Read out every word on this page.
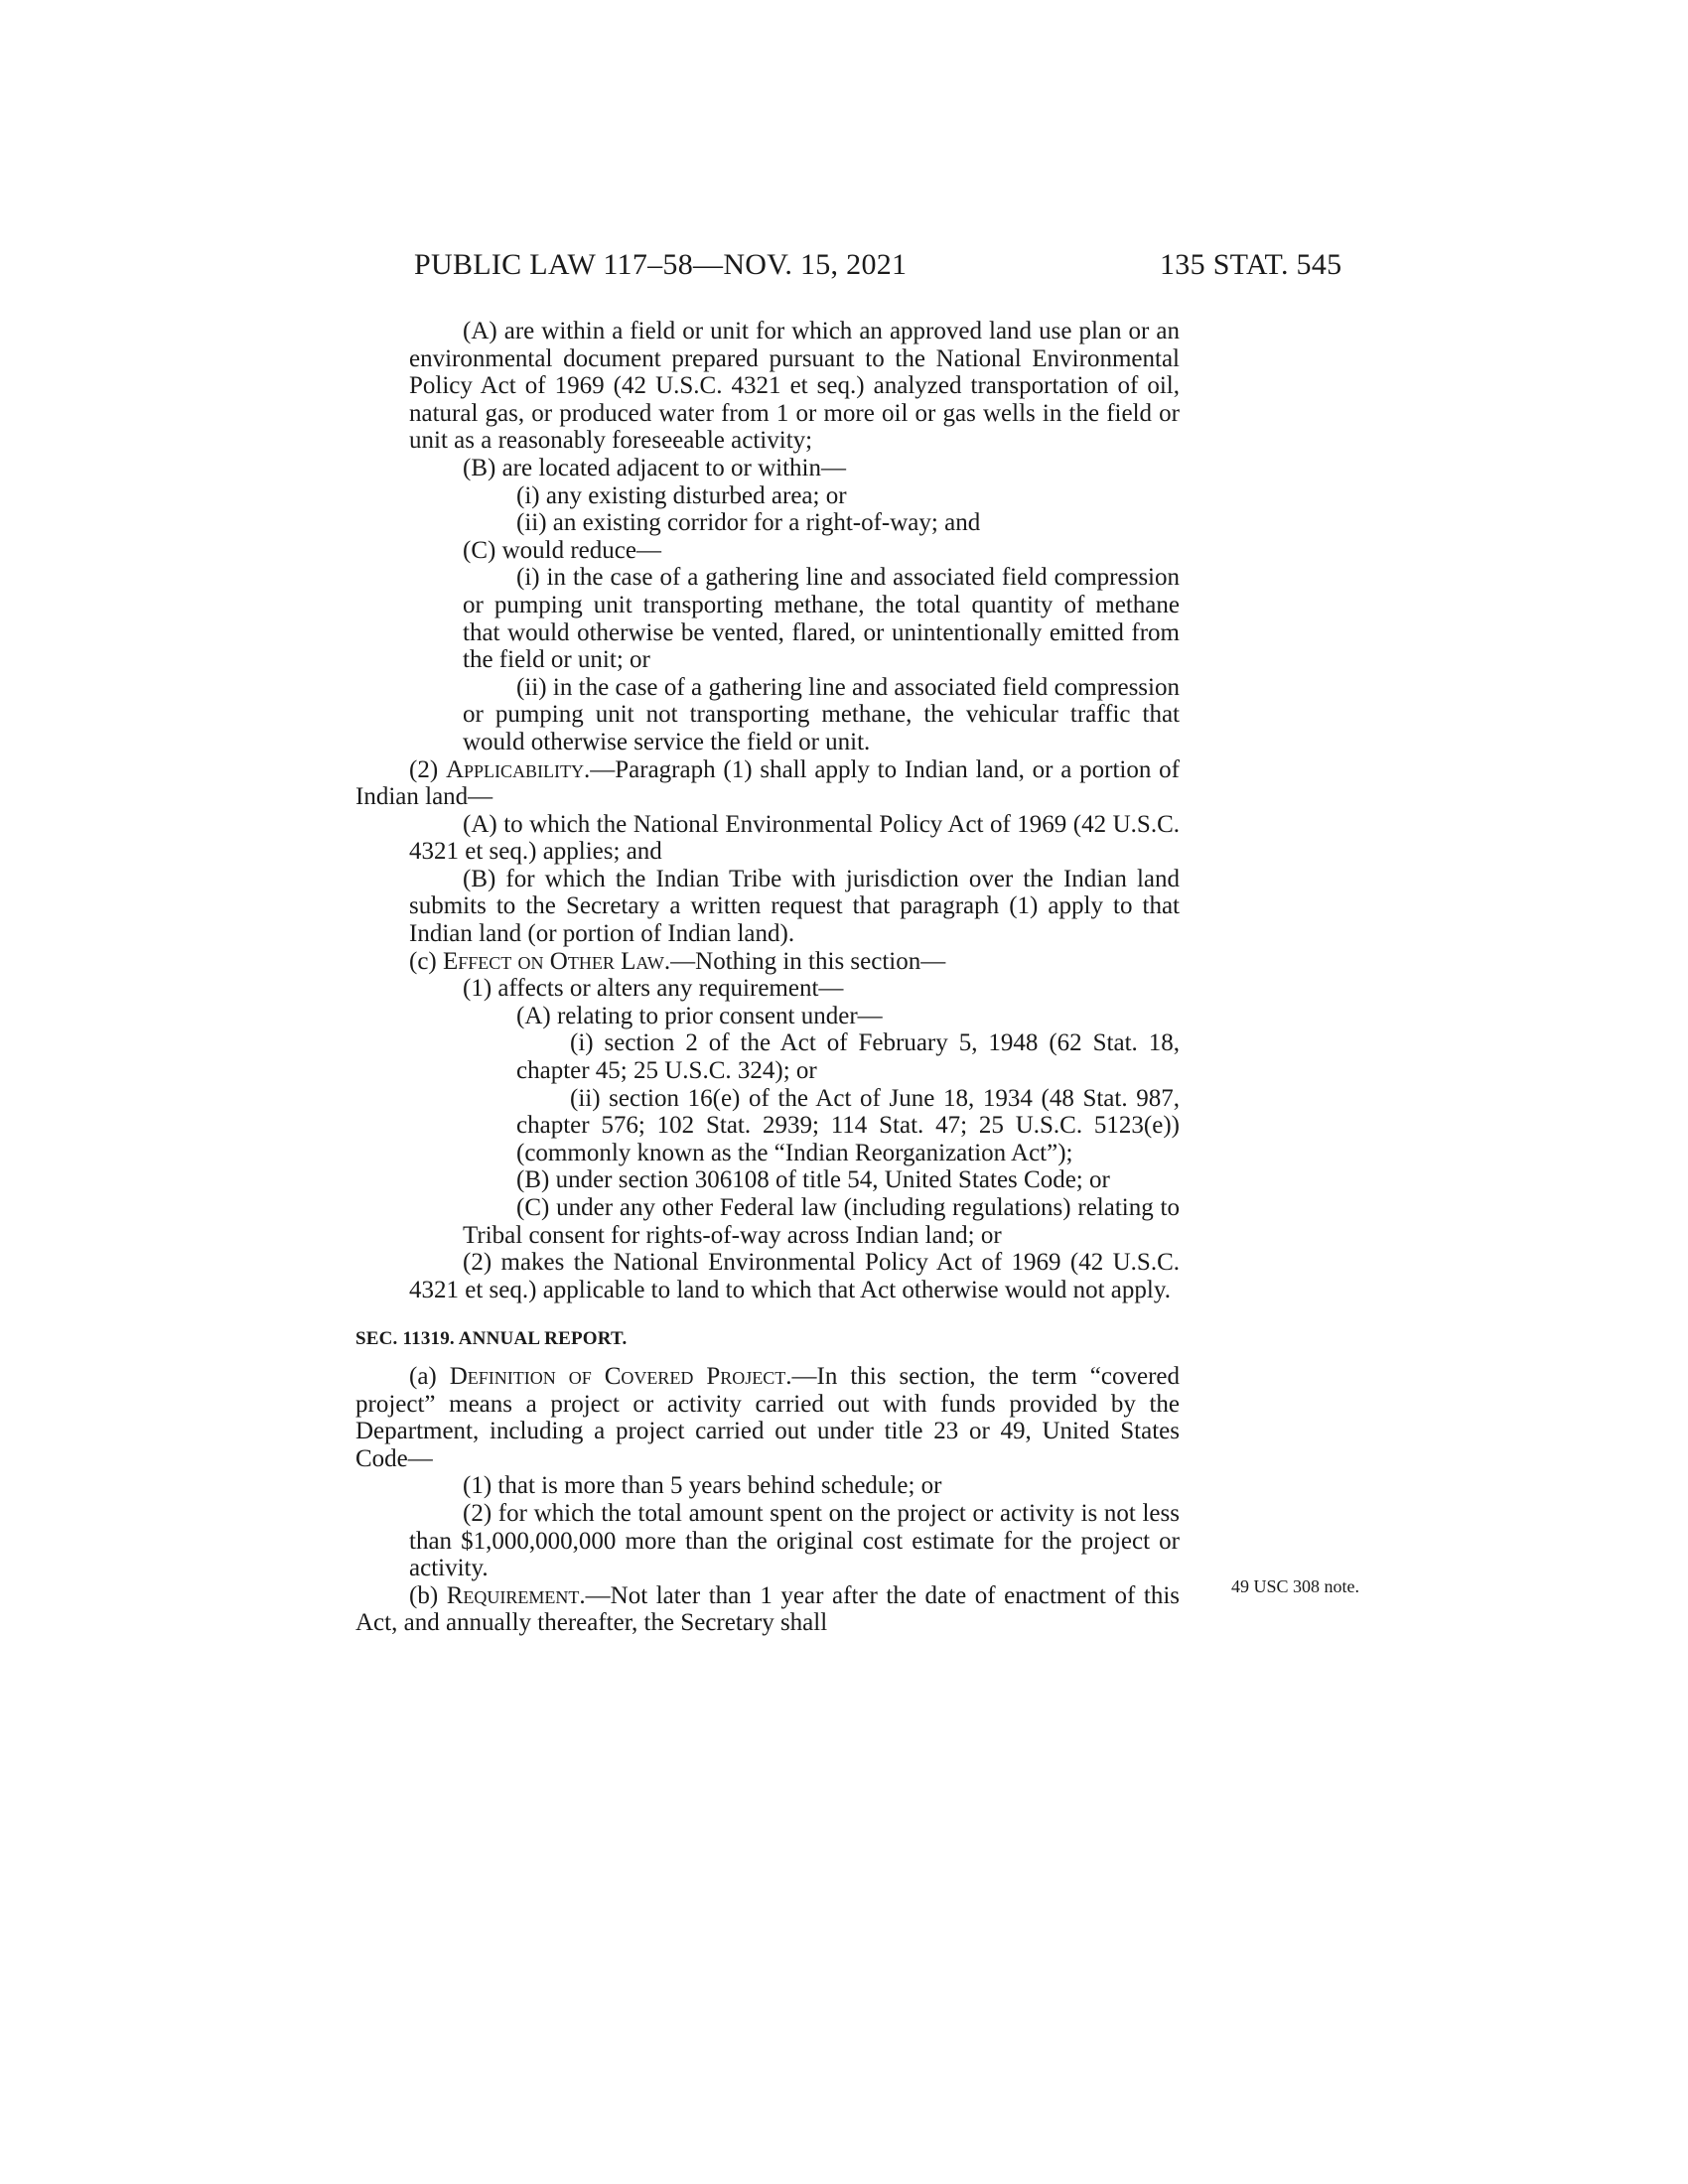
PUBLIC LAW 117–58—NOV. 15, 2021	135 STAT. 545

(A) are within a field or unit for which an approved land use plan or an environmental document prepared pursuant to the National Environmental Policy Act of 1969 (42 U.S.C. 4321 et seq.) analyzed transportation of oil, natural gas, or produced water from 1 or more oil or gas wells in the field or unit as a reasonably foreseeable activity;

(B) are located adjacent to or within—

(i) any existing disturbed area; or

(ii) an existing corridor for a right-of-way; and

(C) would reduce—

(i) in the case of a gathering line and associated field compression or pumping unit transporting methane, the total quantity of methane that would otherwise be vented, flared, or unintentionally emitted from the field or unit; or

(ii) in the case of a gathering line and associated field compression or pumping unit not transporting methane, the vehicular traffic that would otherwise service the field or unit.

(2) Applicability.—Paragraph (1) shall apply to Indian land, or a portion of Indian land—

(A) to which the National Environmental Policy Act of 1969 (42 U.S.C. 4321 et seq.) applies; and

(B) for which the Indian Tribe with jurisdiction over the Indian land submits to the Secretary a written request that paragraph (1) apply to that Indian land (or portion of Indian land).

(c) Effect on Other Law.—Nothing in this section—

(1) affects or alters any requirement—

(A) relating to prior consent under—

(i) section 2 of the Act of February 5, 1948 (62 Stat. 18, chapter 45; 25 U.S.C. 324); or

(ii) section 16(e) of the Act of June 18, 1934 (48 Stat. 987, chapter 576; 102 Stat. 2939; 114 Stat. 47; 25 U.S.C. 5123(e)) (commonly known as the “Indian Reorganization Act”);

(B) under section 306108 of title 54, United States Code; or

(C) under any other Federal law (including regulations) relating to Tribal consent for rights-of-way across Indian land; or

(2) makes the National Environmental Policy Act of 1969 (42 U.S.C. 4321 et seq.) applicable to land to which that Act otherwise would not apply.

SEC. 11319. ANNUAL REPORT.

(a) Definition of Covered Project.—In this section, the term “covered project” means a project or activity carried out with funds provided by the Department, including a project carried out under title 23 or 49, United States Code—

(1) that is more than 5 years behind schedule; or

(2) for which the total amount spent on the project or activity is not less than $1,000,000,000 more than the original cost estimate for the project or activity.

(b) Requirement.—Not later than 1 year after the date of enactment of this Act, and annually thereafter, the Secretary shall

49 USC 308 note.
